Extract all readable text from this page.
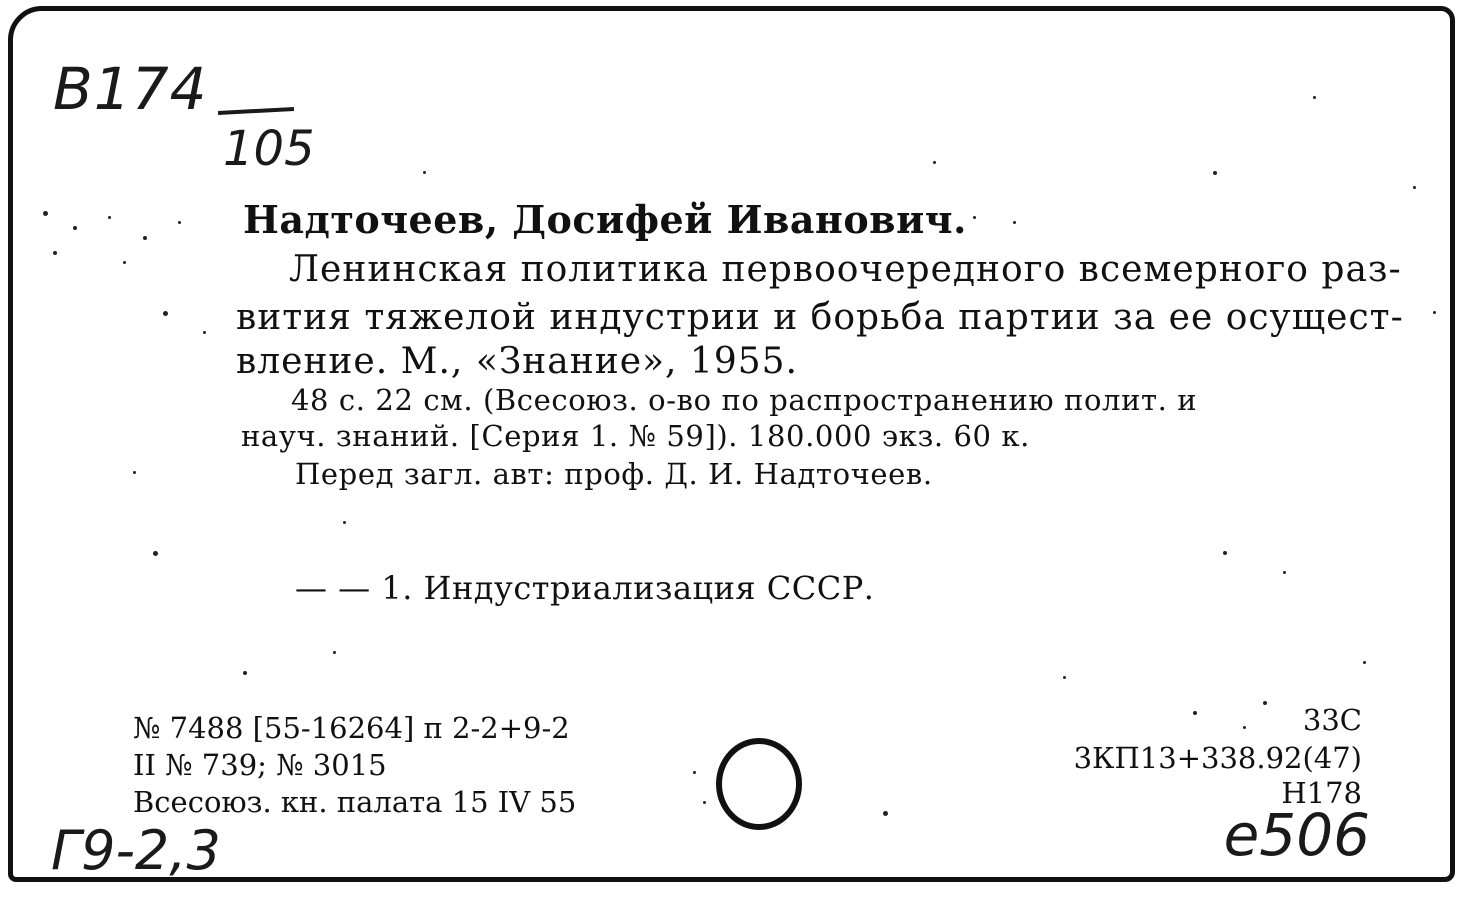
B174
105
Надточеев, Досифей Иванович.
Ленинская политика первоочередного всемерного раз-
вития тяжелой индустрии и борьба партии за ее осущест-
вление. М., «Знание», 1955.
48 с. 22 см. (Всесоюз. о-во по распространению полит. и
науч. знаний. [Серия 1. № 59]). 180.000 экз. 60 к.
Перед загл. авт: проф. Д. И. Надточеев.
— — 1. Индустриализация СССР.
№ 7488 [55-16264] п 2-2+9-2
II № 739; № 3015
Всесоюз. кн. палата 15 IV 55
33С
3КП13+338.92(47)
Н178
Г9-2,3	е506
